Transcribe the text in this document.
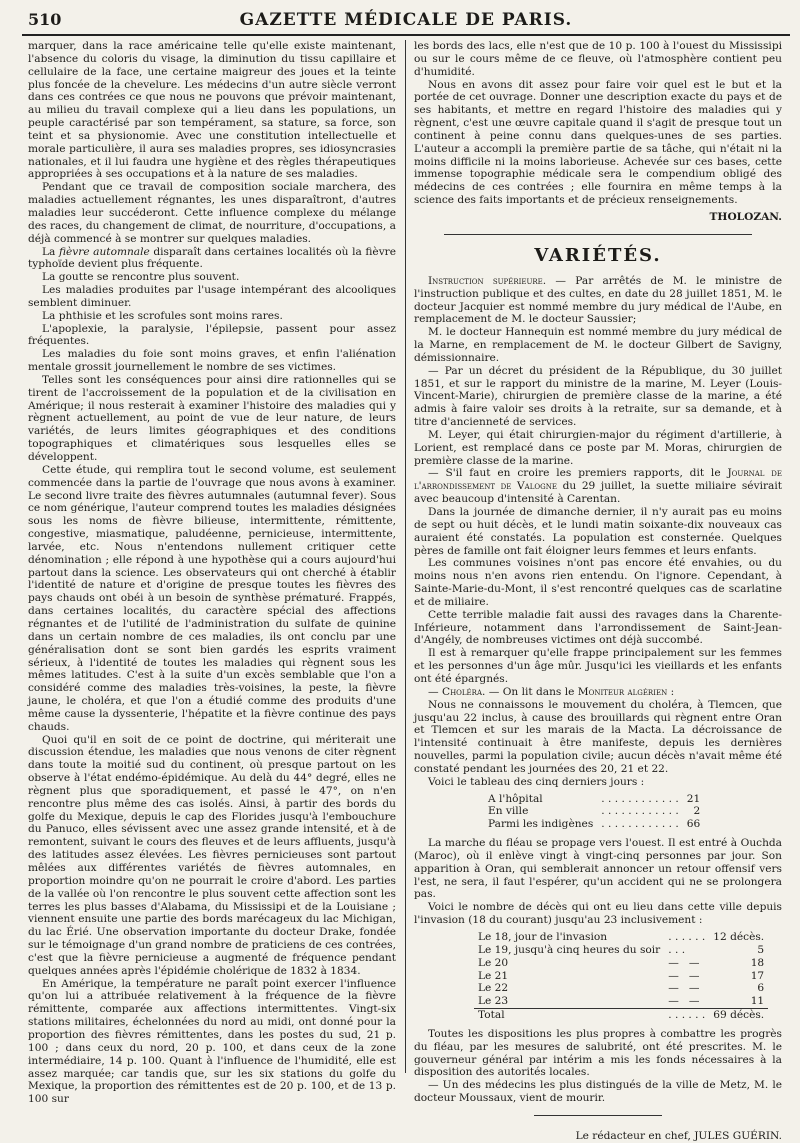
510	GAZETTE MÉDICALE DE PARIS.

marquer, dans la race américaine telle qu'elle existe maintenant, l'absence du coloris du visage, la diminution du tissu capillaire et cellulaire de la face, une certaine maigreur des joues et la teinte plus foncée de la chevelure. Les médecins d'un autre siècle verront dans ces contrées ce que nous ne pouvons que prévoir maintenant, au milieu du travail complexe qui a lieu dans les populations, un peuple caractérisé par son tempérament, sa stature, sa force, son teint et sa physionomie. Avec une constitution intellectuelle et morale particulière, il aura ses maladies propres, ses idiosyncrasies nationales, et il lui faudra une hygiène et des règles thérapeutiques appropriées à ses occupations et à la nature de ses maladies.

Pendant que ce travail de composition sociale marchera, des maladies actuellement régnantes, les unes disparaîtront, d'autres maladies leur succéderont. Cette influence complexe du mélange des races, du changement de climat, de nourriture, d'occupations, a déjà commencé à se montrer sur quelques maladies.

La fièvre automnale disparaît dans certaines localités où la fièvre typhoïde devient plus fréquente.

La goutte se rencontre plus souvent.

Les maladies produites par l'usage intempérant des alcooliques semblent diminuer.

La phthisie et les scrofules sont moins rares.

L'apoplexie, la paralysie, l'épilepsie, passent pour assez fréquentes.

Les maladies du foie sont moins graves, et enfin l'aliénation mentale grossit journellement le nombre de ses victimes.

Telles sont les conséquences pour ainsi dire rationnelles qui se tirent de l'accroissement de la population et de la civilisation en Amérique; il nous resterait à examiner l'histoire des maladies qui y règnent actuellement, au point de vue de leur nature, de leurs variétés, de leurs limites géographiques et des conditions topographiques et climatériques sous lesquelles elles se développent.

Cette étude, qui remplira tout le second volume, est seulement commencée dans la partie de l'ouvrage que nous avons à examiner. Le second livre traite des fièvres autumnales (autumnal fever). Sous ce nom générique, l'auteur comprend toutes les maladies désignées sous les noms de fièvre bilieuse, intermittente, rémittente, congestive, miasmatique, paludéenne, pernicieuse, intermittente, larvée, etc. Nous n'entendons nullement critiquer cette dénomination ; elle répond à une hypothèse qui a cours aujourd'hui partout dans la science. Les observateurs qui ont cherché à établir l'identité de nature et d'origine de presque toutes les fièvres des pays chauds ont obéi à un besoin de synthèse prématuré. Frappés, dans certaines localités, du caractère spécial des affections régnantes et de l'utilité de l'administration du sulfate de quinine dans un certain nombre de ces maladies, ils ont conclu par une généralisation dont se sont bien gardés les esprits vraiment sérieux, à l'identité de toutes les maladies qui règnent sous les mêmes latitudes. C'est à la suite d'un excès semblable que l'on a considéré comme des maladies très-voisines, la peste, la fièvre jaune, le choléra, et que l'on a étudié comme des produits d'une même cause la dyssenterie, l'hépatite et la fièvre continue des pays chauds.

Quoi qu'il en soit de ce point de doctrine, qui mériterait une discussion étendue, les maladies que nous venons de citer règnent dans toute la moitié sud du continent, où presque partout on les observe à l'état endémo-épidémique. Au delà du 44° degré, elles ne règnent plus que sporadiquement, et passé le 47°, on n'en rencontre plus même des cas isolés. Ainsi, à partir des bords du golfe du Mexique, depuis le cap des Florides jusqu'à l'embouchure du Panuco, elles sévissent avec une assez grande intensité, et à de remontent, suivant le cours des fleuves et de leurs affluents, jusqu'à des latitudes assez élevées. Les fièvres pernicieuses sont partout mêlées aux différentes variétés de fièvres automnales, en proportion moindre qu'on ne pourrait le croire d'abord. Les parties de la vallée où l'on rencontre le plus souvent cette affection sont les terres les plus basses d'Alabama, du Mississipi et de la Louisiane ; viennent ensuite une partie des bords marécageux du lac Michigan, du lac Érié. Une observation importante du docteur Drake, fondée sur le témoignage d'un grand nombre de praticiens de ces contrées, c'est que la fièvre pernicieuse a augmenté de fréquence pendant quelques années après l'épidémie cholérique de 1832 à 1834.

En Amérique, la température ne paraît point exercer l'influence qu'on lui a attribuée relativement à la fréquence de la fièvre rémittente, comparée aux affections intermittentes. Vingt-six stations militaires, échelonnées du nord au midi, ont donné pour la proportion des fièvres rémittentes, dans les postes du sud, 21 p. 100 ; dans ceux du nord, 20 p. 100, et dans ceux de la zone intermédiaire, 14 p. 100. Quant à l'influence de l'humidité, elle est assez marquée; car tandis que, sur les six stations du golfe du Mexique, la proportion des rémittentes est de 20 p. 100, et de 13 p. 100 sur

les bords des lacs, elle n'est que de 10 p. 100 à l'ouest du Mississipi ou sur le cours même de ce fleuve, où l'atmosphère contient peu d'humidité.

Nous en avons dit assez pour faire voir quel est le but et la portée de cet ouvrage. Donner une description exacte du pays et de ses habitants, et mettre en regard l'histoire des maladies qui y règnent, c'est une œuvre capitale quand il s'agit de presque tout un continent à peine connu dans quelques-unes de ses parties. L'auteur a accompli la première partie de sa tâche, qui n'était ni la moins difficile ni la moins laborieuse. Achevée sur ces bases, cette immense topographie médicale sera le compendium obligé des médecins de ces contrées ; elle fournira en même temps à la science des faits importants et de précieux renseignements.

THOLOZAN.

VARIÉTÉS.

Instruction supérieure. — Par arrêtés de M. le ministre de l'instruction publique et des cultes, en date du 28 juillet 1851, M. le docteur Jacquier est nommé membre du jury médical de l'Aube, en remplacement de M. le docteur Saussier;

M. le docteur Hannequin est nommé membre du jury médical de la Marne, en remplacement de M. le docteur Gilbert de Savigny, démissionnaire.

— Par un décret du président de la République, du 30 juillet 1851, et sur le rapport du ministre de la marine, M. Leyer (Louis-Vincent-Marie), chirurgien de première classe de la marine, a été admis à faire valoir ses droits à la retraite, sur sa demande, et à titre d'ancienneté de services.

M. Leyer, qui était chirurgien-major du régiment d'artillerie, à Lorient, est remplacé dans ce poste par M. Moras, chirurgien de première classe de la marine.

— S'il faut en croire les premiers rapports, dit le Journal de l'arrondissement de Valogne du 29 juillet, la suette miliaire sévirait avec beaucoup d'intensité à Carentan.

Dans la journée de dimanche dernier, il n'y aurait pas eu moins de sept ou huit décès, et le lundi matin soixante-dix nouveaux cas auraient été constatés. La population est consternée. Quelques pères de famille ont fait éloigner leurs femmes et leurs enfants.

Les communes voisines n'ont pas encore été envahies, ou du moins nous n'en avons rien entendu. On l'ignore. Cependant, à Sainte-Marie-du-Mont, il s'est rencontré quelques cas de scarlatine et de miliaire.

Cette terrible maladie fait aussi des ravages dans la Charente-Inférieure, notamment dans l'arrondissement de Saint-Jean-d'Angély, de nombreuses victimes ont déjà succombé.

Il est à remarquer qu'elle frappe principalement sur les femmes et les personnes d'un âge mûr. Jusqu'ici les vieillards et les enfants ont été épargnés.

— Choléra. — On lit dans le Moniteur algérien :

Nous ne connaissons le mouvement du choléra, à Tlemcen, que jusqu'au 22 inclus, à cause des brouillards qui règnent entre Oran et Tlemcen et sur les marais de la Macta. La décroissance de l'intensité continuait à être manifeste, depuis les dernières nouvelles, parmi la population civile; aucun décès n'avait même été constaté pendant les journées des 20, 21 et 22.

Voici le tableau des cinq derniers jours :

A l'hôpital	. . . . . . . . . . . .	21
En ville	. . . . . . . . . . . .	2
Parmi les indigènes	. . . . . . . . . . . .	66

La marche du fléau se propage vers l'ouest. Il est entré à Ouchda (Maroc), où il enlève vingt à vingt-cinq personnes par jour. Son apparition à Oran, qui semblerait annoncer un retour offensif vers l'est, ne sera, il faut l'espérer, qu'un accident qui ne se prolongera pas.

Voici le nombre de décès qui ont eu lieu dans cette ville depuis l'invasion (18 du courant) jusqu'au 23 inclusivement :

Le 18, jour de l'invasion	. . . . . .	12 décès.
Le 19, jusqu'à cinq heures du soir	. . .	5
Le 20	—   —	18
Le 21	—   —	17
Le 22	—   —	6
Le 23	—   —	11
Total	. . . . . .	69 décès.

Toutes les dispositions les plus propres à combattre les progrès du fléau, par les mesures de salubrité, ont été prescrites. M. le gouverneur général par intérim a mis les fonds nécessaires à la disposition des autorités locales.

— Un des médecins les plus distingués de la ville de Metz, M. le docteur Moussaux, vient de mourir.

Le rédacteur en chef, JULES GUÉRIN.
